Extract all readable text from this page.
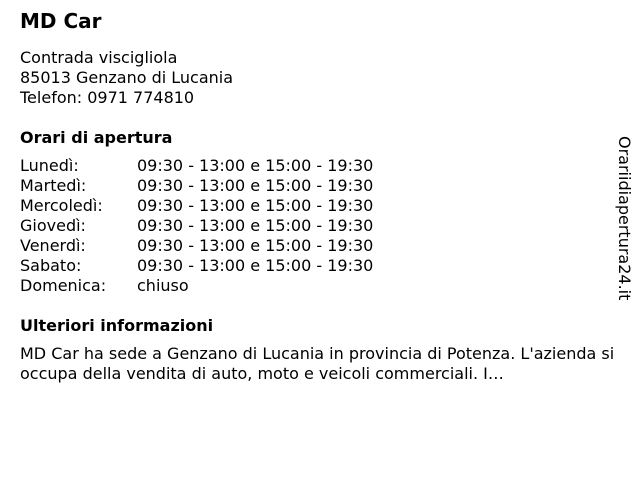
MD Car

Contrada viscigliola

85013 Genzano di Lucania

Telefon: 0971 774810

Orari di apertura
Lunedì:	09:30 - 13:00 e 15:00 - 19:30
Martedì:	09:30 - 13:00 e 15:00 - 19:30
Mercoledì: 09:30 - 13:00 e 15:00 - 19:30
Giovedì:	09:30 - 13:00 e 15:00 - 19:30
Venerdì:	09:30 - 13:00 e 15:00 - 19:30
Sabato:	09:30 - 13:00 e 15:00 - 19:30
Domenica: chiuso
Ulteriori informazioni

MD Car ha sede a Genzano di Lucania in provincia di Potenza. L'azienda si occupa della vendita di auto, moto e veicoli commerciali. I…

Orariidiapertura24.it
